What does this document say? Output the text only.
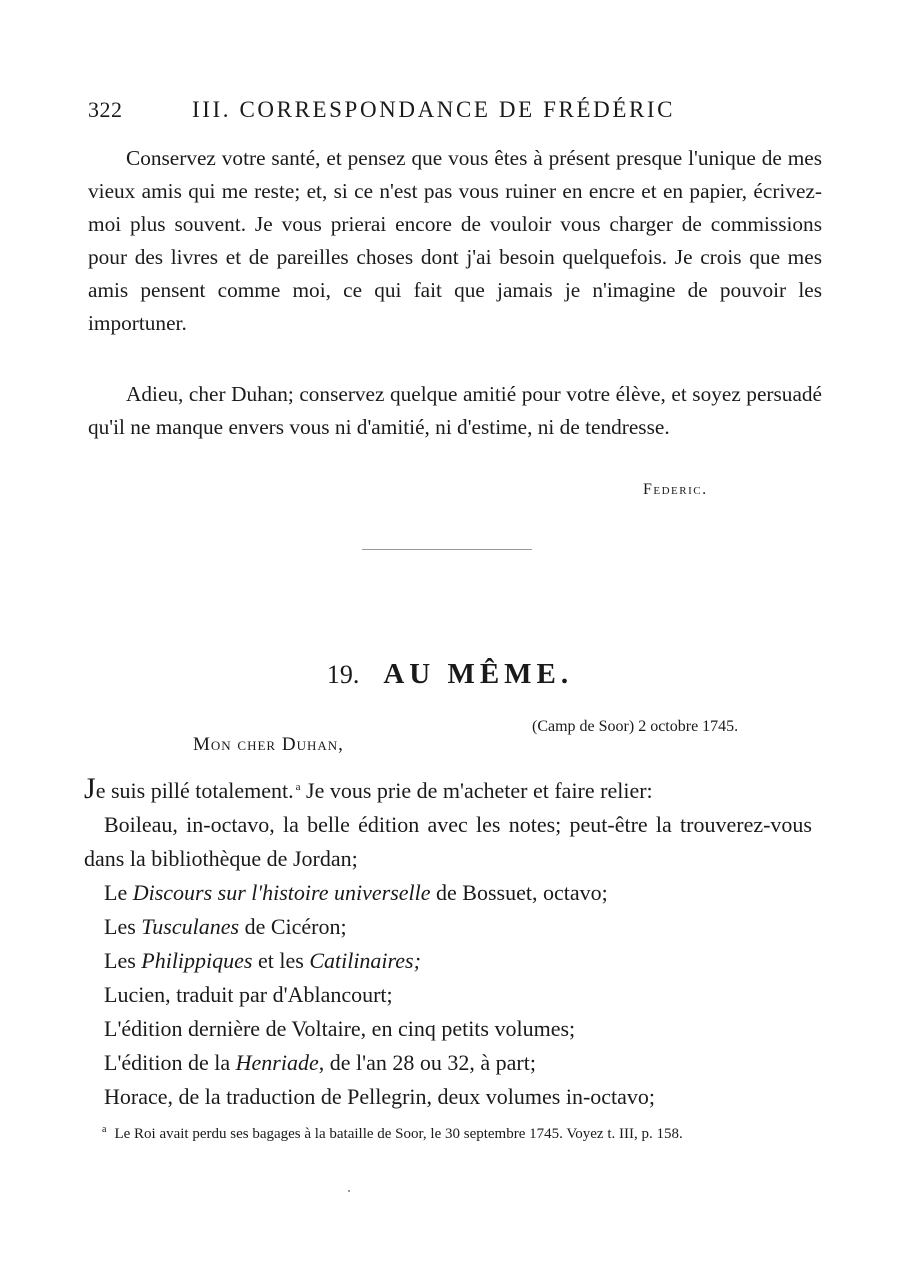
322	III. CORRESPONDANCE DE FRÉDÉRIC

Conservez votre santé, et pensez que vous êtes à présent presque l'unique de mes vieux amis qui me reste; et, si ce n'est pas vous ruiner en encre et en papier, écrivez-moi plus souvent. Je vous prierai encore de vouloir vous charger de commissions pour des livres et de pareilles choses dont j'ai besoin quelquefois. Je crois que mes amis pensent comme moi, ce qui fait que jamais je n'imagine de pouvoir les importuner.

Adieu, cher Duhan; conservez quelque amitié pour votre élève, et soyez persuadé qu'il ne manque envers vous ni d'amitié, ni d'estime, ni de tendresse.

Federic.
19. AU MÊME.
(Camp de Soor) 2 octobre 1745.
Mon cher Duhan,

Je suis pillé totalement. $^a$ Je vous prie de m'acheter et faire relier:

Boileau, in-octavo, la belle édition avec les notes; peut-être la trouverez-vous dans la bibliothèque de Jordan;

Le Discours sur l'histoire universelle de Bossuet, octavo;

Les Tusculanes de Cicéron;

Les Philippiques et les Catilinaires;

Lucien, traduit par d'Ablancourt;

L'édition dernière de Voltaire, en cinq petits volumes;

L'édition de la Henriade, de l'an 28 ou 32, à part;

Horace, de la traduction de Pellegrin, deux volumes in-octavo;

$^a$ Le Roi avait perdu ses bagages à la bataille de Soor, le 30 septembre 1745. Voyez t. III, p. 158.
